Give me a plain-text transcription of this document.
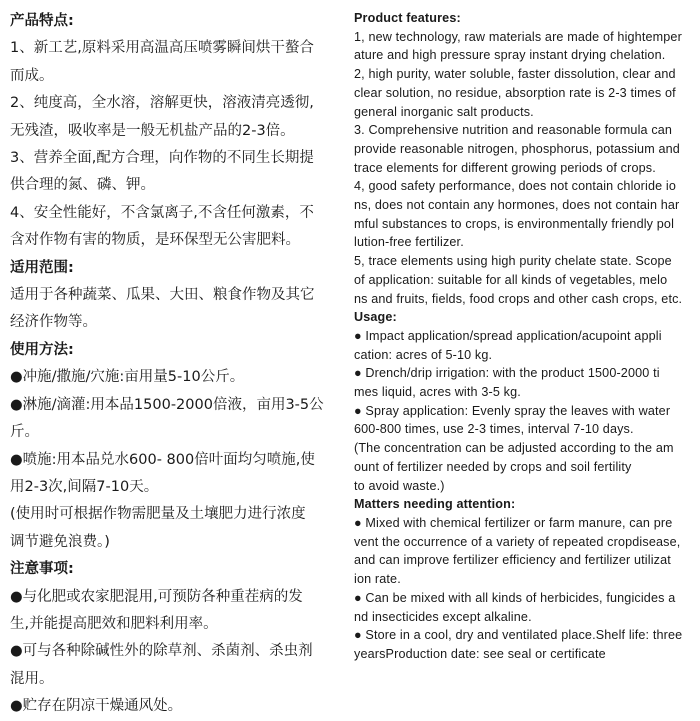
产品特点:
1、新工艺,原料采用高温高压喷雾瞬间烘干螯合
而成。
2、纯度高，全水溶，溶解更快，溶液清亮透彻,
无残渣，吸收率是一般无机盐产品的2-3倍。
3、营养全面,配方合理，向作物的不同生长期提
供合理的氮、磷、钾。
4、安全性能好，不含氯离子,不含任何激素，不
含对作物有害的物质，是环保型无公害肥料。
适用范围:
适用于各种蔬菜、瓜果、大田、粮食作物及其它
经济作物等。
使用方法:
●冲施/撒施/穴施:亩用量5-10公斤。
●淋施/滴灌:用本品1500-2000倍液，亩用3-5公斤。
●喷施:用本品兑水600- 800倍叶面均匀喷施,使
用2-3次,间隔7-10天。
(使用时可根据作物需肥量及土壤肥力进行浓度
调节避免浪费。)
注意事项:
●与化肥或农家肥混用,可预防各种重茬病的发
生,并能提高肥效和肥料利用率。
●可与各种除碱性外的除草剂、杀菌剂、杀虫剂
混用。
●贮存在阴凉干燥通风处。
Product features:
1, new technology, raw materials are made of hightemper
ature and high pressure spray instant drying chelation.
2, high purity, water soluble, faster dissolution, clear and
clear solution, no residue, absorption rate is 2-3 times of
general inorganic salt products.
3. Comprehensive nutrition and reasonable formula can
provide reasonable nitrogen, phosphorus, potassium and
trace elements for different growing periods of crops.
4, good safety performance, does not contain chloride io
ns, does not contain any hormones, does not contain har
mful substances to crops, is environmentally friendly pol
lution-free fertilizer.
5, trace elements using high purity chelate state. Scope
of application: suitable for all kinds of vegetables, melo
ns and fruits, fields, food crops and other cash crops, etc.
Usage:
● Impact application/spread application/acupoint appli
cation: acres of 5-10 kg.
● Drench/drip irrigation: with the product 1500-2000 ti
mes liquid, acres with 3-5 kg.
● Spray application: Evenly spray the leaves with water
600-800 times, use 2-3 times, interval 7-10 days.
(The concentration can be adjusted according to the am
ount of fertilizer needed by crops and soil fertility
to avoid waste.)
Matters needing attention:
● Mixed with chemical fertilizer or farm manure, can pre
vent the occurrence of a variety of repeated cropdisease,
and can improve fertilizer efficiency and fertilizer utilizat
ion rate.
● Can be mixed with all kinds of herbicides, fungicides a
nd insecticides except alkaline.
● Store in a cool, dry and ventilated place.Shelf life: three
yearsProduction date: see seal or certificate
